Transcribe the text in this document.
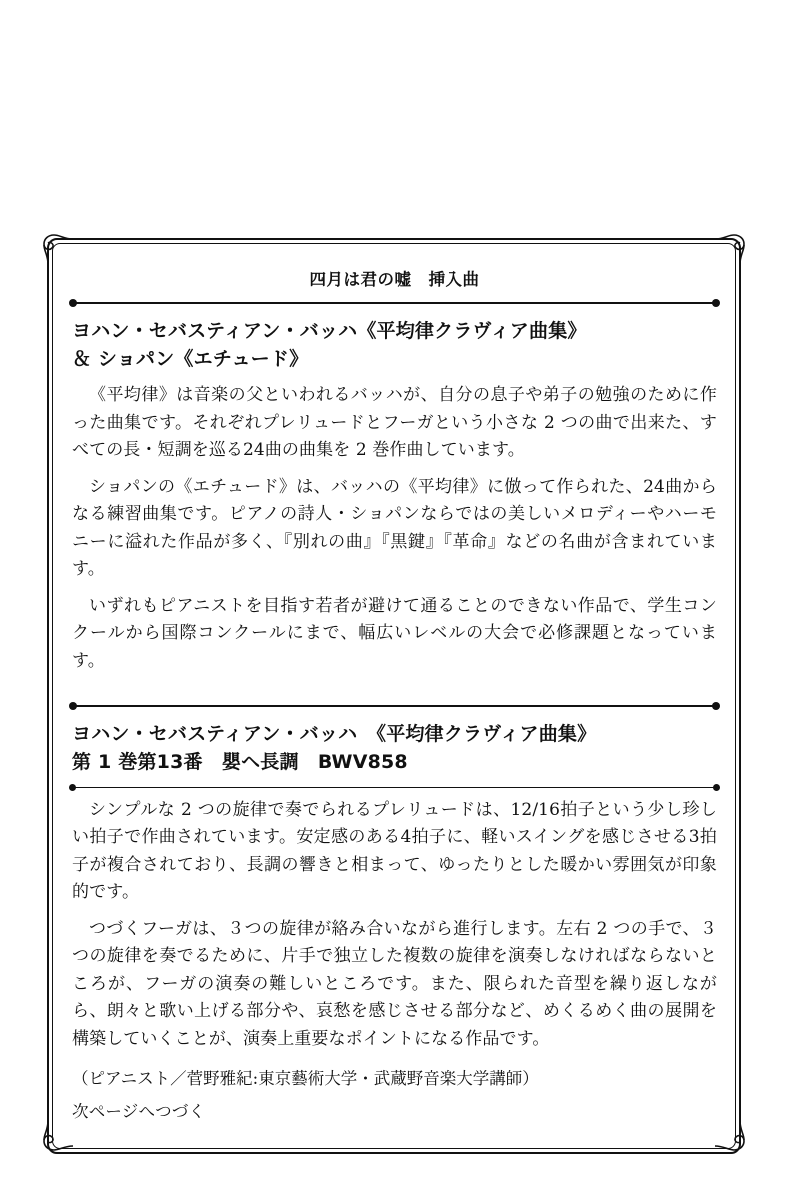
四月は君の嘘　挿入曲
ヨハン・セバスティアン・バッハ《平均律クラヴィア曲集》
＆ ショパン《エチュード》

《平均律》は音楽の父といわれるバッハが、自分の息子や弟子の勉強のために作った曲集です。それぞれプレリュードとフーガという小さな 2 つの曲で出来た、すべての長・短調を巡る24曲の曲集を 2 巻作曲しています。

ショパンの《エチュード》は、バッハの《平均律》に倣って作られた、24曲からなる練習曲集です。ピアノの詩人・ショパンならではの美しいメロディーやハーモニーに溢れた作品が多く、『別れの曲』『黒鍵』『革命』などの名曲が含まれています。

いずれもピアニストを目指す若者が避けて通ることのできない作品で、学生コンクールから国際コンクールにまで、幅広いレベルの大会で必修課題となっています。

ヨハン・セバスティアン・バッハ　《平均律クラヴィア曲集》
第 1 巻第13番　嬰ヘ長調　BWV858

シンプルな 2 つの旋律で奏でられるプレリュードは、12/16拍子という少し珍しい拍子で作曲されています。安定感のある4拍子に、軽いスイングを感じさせる3拍子が複合されており、長調の響きと相まって、ゆったりとした暖かい雰囲気が印象的です。

つづくフーガは、３つの旋律が絡み合いながら進行します。左右 2 つの手で、３つの旋律を奏でるために、片手で独立した複数の旋律を演奏しなければならないところが、フーガの演奏の難しいところです。また、限られた音型を繰り返しながら、朗々と歌い上げる部分や、哀愁を感じさせる部分など、めくるめく曲の展開を構築していくことが、演奏上重要なポイントになる作品です。

（ピアニスト／菅野雅紀:東京藝術大学・武蔵野音楽大学講師）

次ページへつづく
